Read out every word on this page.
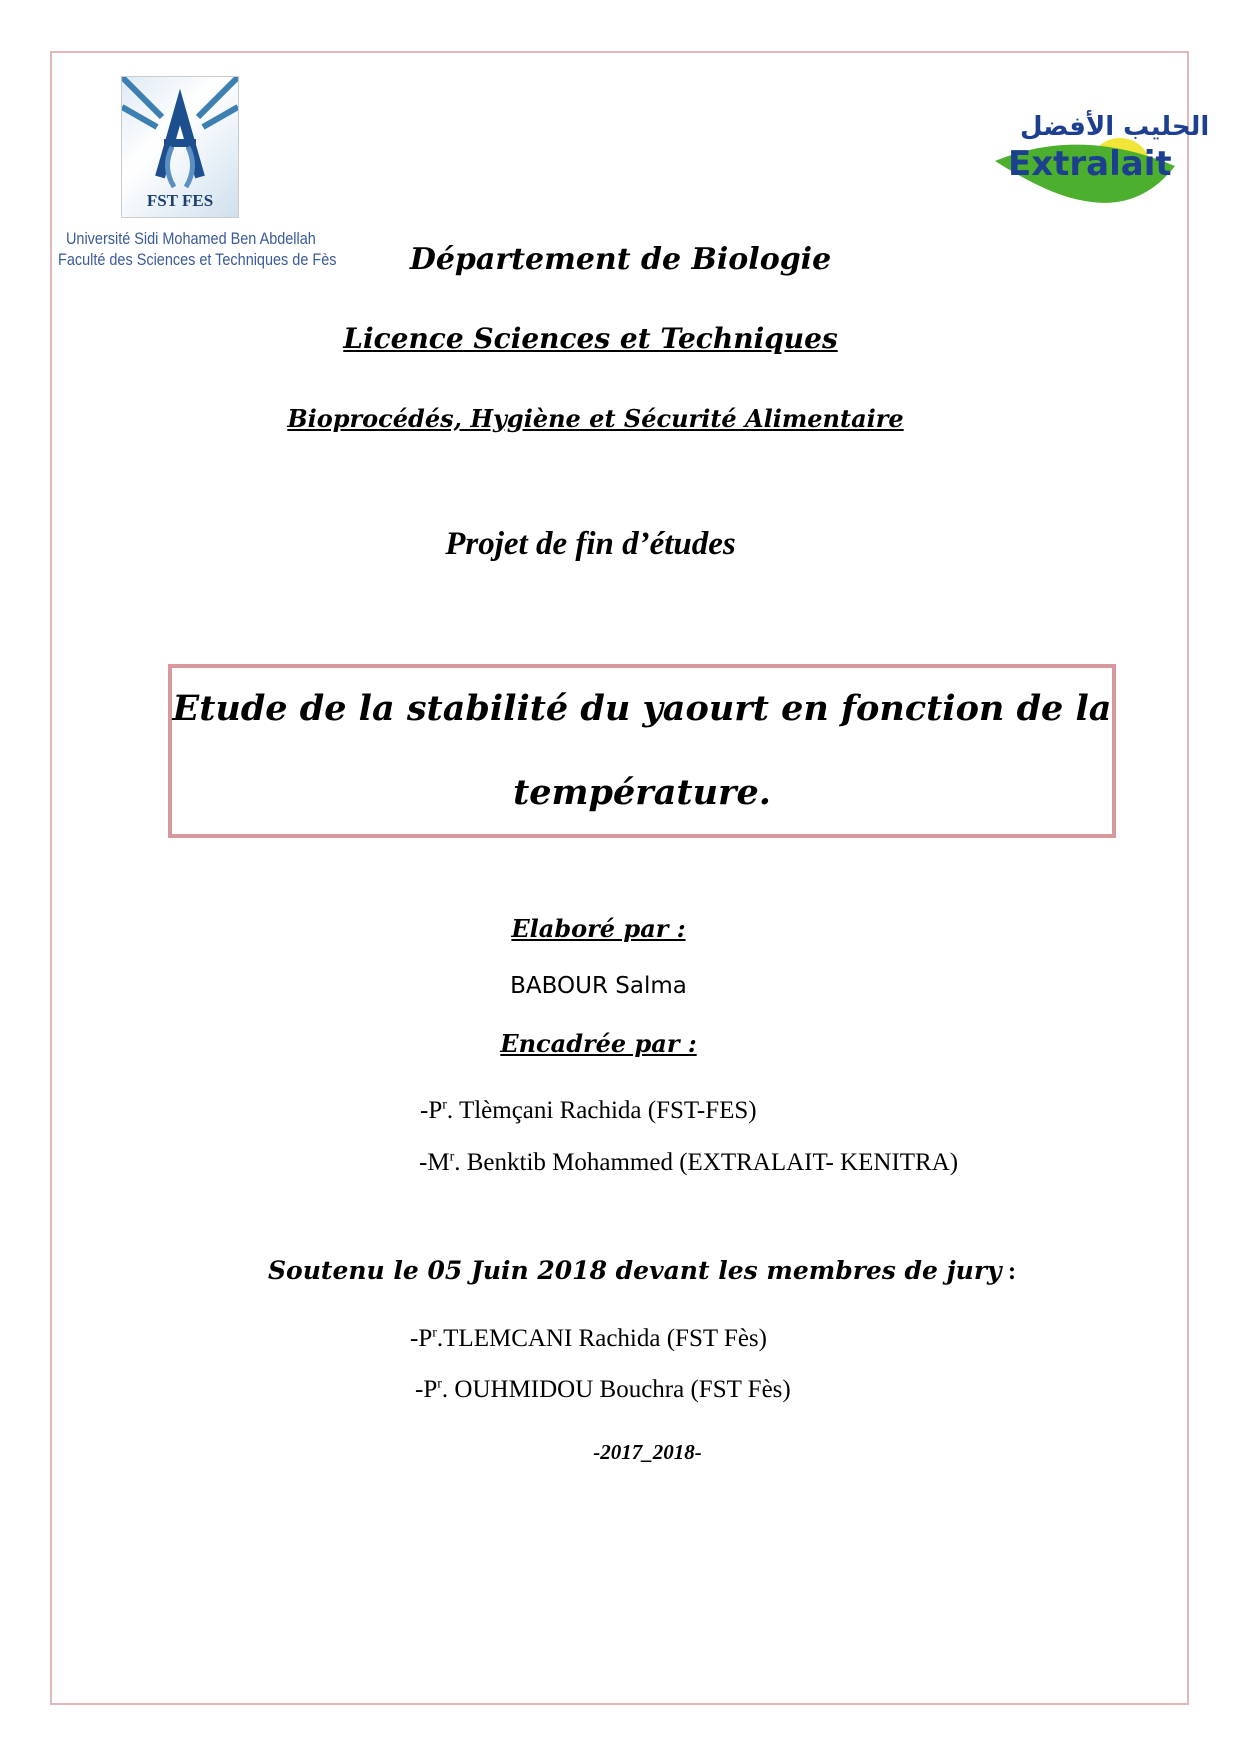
FST FES
Université Sidi Mohamed Ben Abdellah
Faculté des Sciences et Techniques de Fès
الحليب الأفضل
Extralait
Département de Biologie
Licence Sciences et Techniques
Bioprocédés, Hygiène et Sécurité Alimentaire
Projet de fin d’études
Etude de la stabilité du yaourt en fonction de la
température.
Elaboré par :
BABOUR Salma
Encadrée par :
$-P^r$. Tlèmçani Rachida (FST-FES)
$-M^r$. Benktib Mohammed (EXTRALAIT- KENITRA)
Soutenu le 05 Juin 2018 devant les membres de jury :
$-P^r.TLEMCANI$ Rachida (FST Fès)
$-P^r$. OUHMIDOU Bouchra (FST Fès)
-2017_2018-
